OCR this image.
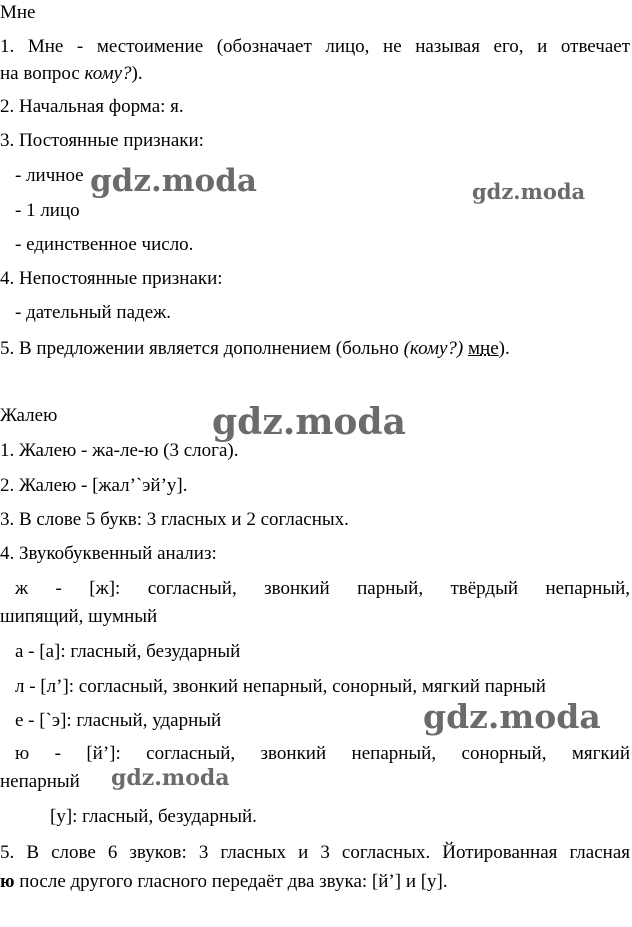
Мне
1. Мне - местоимение (обозначает лицо, не называя его, и отвечает
на вопрос кому?).
2. Начальная форма: я.
3. Постоянные признаки:
- личное
- 1 лицо
- единственное число.
4. Непостоянные признаки:
- дательный падеж.
5. В предложении является дополнением (больно (кому?) мне).
Жалею
1. Жалею - жа-ле-ю (3 слога).
2. Жалею - [жал’`эй’у].
3. В слове 5 букв: 3 гласных и 2 согласных.
4. Звукобуквенный анализ:
ж - [ж]: согласный, звонкий парный, твёрдый непарный,
шипящий, шумный
а - [а]: гласный, безударный
л - [л’]: согласный, звонкий непарный, сонорный, мягкий парный
е - [`э]: гласный, ударный
ю - [й’]: согласный, звонкий непарный, сонорный, мягкий
непарный
[у]: гласный, безударный.
5. В слове 6 звуков: 3 гласных и 3 согласных. Йотированная гласная
ю после другого гласного передаёт два звука: [й’] и [у].
gdz.moda	gdz.moda
gdz.moda
gdz.moda
gdz.moda
